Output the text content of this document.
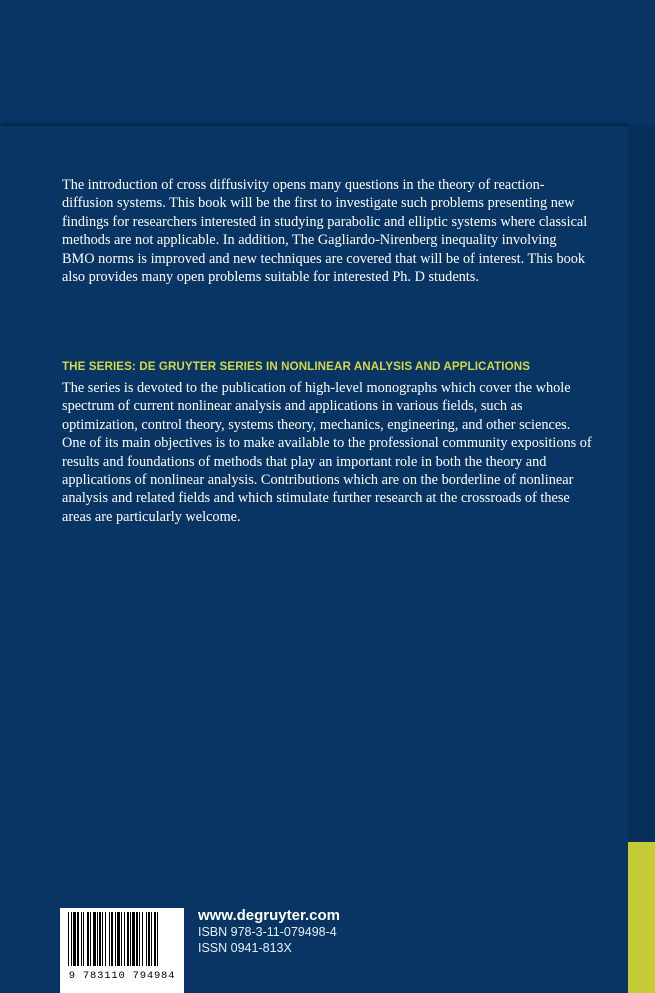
The introduction of cross diffusivity opens many questions in the theory of reaction-diffusion systems. This book will be the first to investigate such problems presenting new findings for researchers interested in studying parabolic and elliptic systems where classical methods are not applicable. In addition, The Gagliardo-Nirenberg inequality involving BMO norms is improved and new techniques are covered that will be of interest. This book also provides many open problems suitable for interested Ph. D students.

THE SERIES: DE GRUYTER SERIES IN NONLINEAR ANALYSIS AND APPLICATIONS

The series is devoted to the publication of high-level monographs which cover the whole spectrum of current nonlinear analysis and applications in various fields, such as optimization, control theory, systems theory, mechanics, engineering, and other sciences. One of its main objectives is to make available to the professional community expositions of results and foundations of methods that play an important role in both the theory and applications of nonlinear analysis. Contributions which are on the borderline of nonlinear analysis and related fields and which stimulate further research at the crossroads of these areas are particularly welcome.

9 783110 794984
www.degruyter.com
ISBN 978-3-11-079498-4
ISSN 0941-813X
